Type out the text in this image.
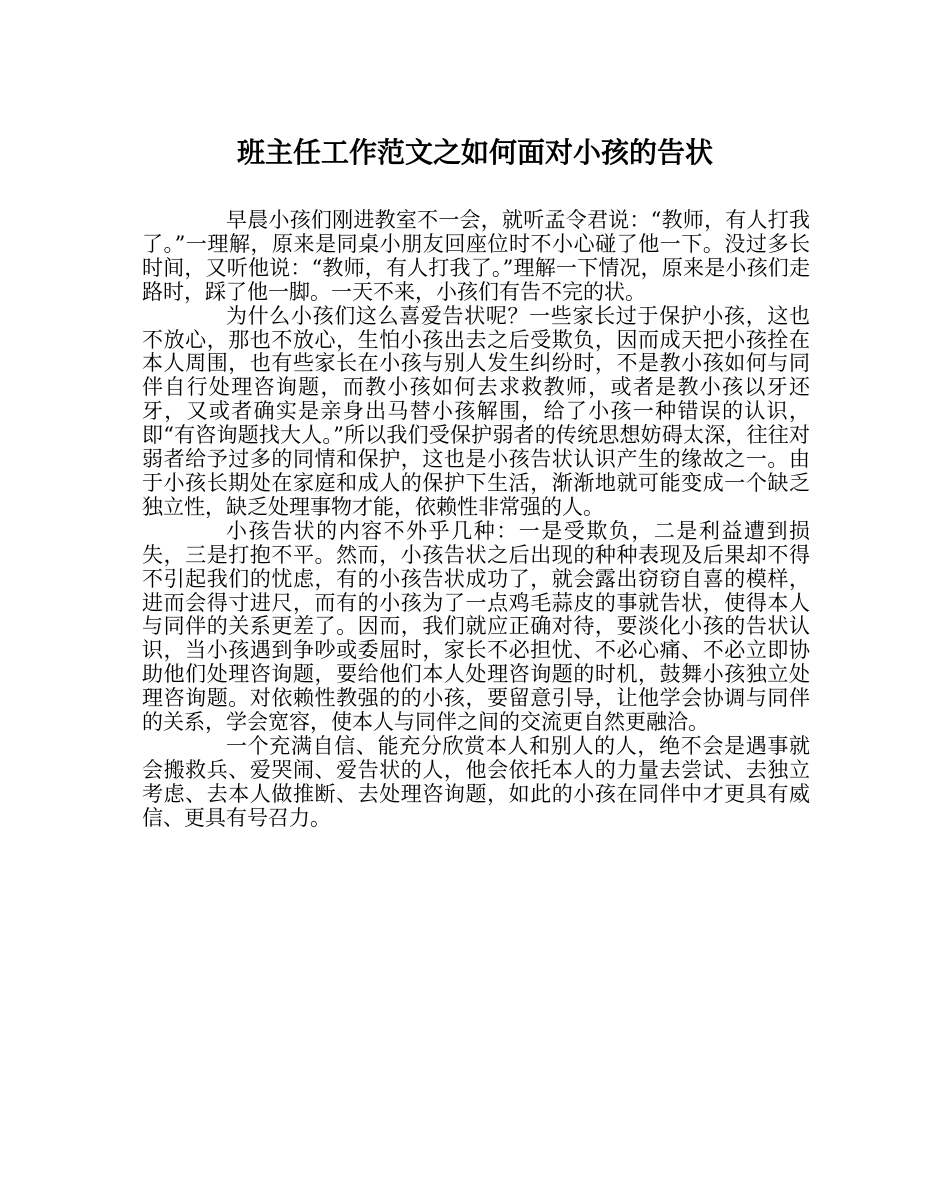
班主任工作范文之如何面对小孩的告状

早晨小孩们刚进教室不一会，就听孟令君说：“教师，有人打我了。”一理解，原来是同桌小朋友回座位时不小心碰了他一下。没过多长时间，又听他说：“教师，有人打我了。”理解一下情况，原来是小孩们走路时，踩了他一脚。一天不来，小孩们有告不完的状。

为什么小孩们这么喜爱告状呢？一些家长过于保护小孩，这也不放心，那也不放心，生怕小孩出去之后受欺负，因而成天把小孩拴在本人周围，也有些家长在小孩与别人发生纠纷时，不是教小孩如何与同伴自行处理咨询题，而教小孩如何去求救教师，或者是教小孩以牙还牙，又或者确实是亲身出马替小孩解围，给了小孩一种错误的认识，即“有咨询题找大人。”所以我们受保护弱者的传统思想妨碍太深，往往对弱者给予过多的同情和保护，这也是小孩告状认识产生的缘故之一。由于小孩长期处在家庭和成人的保护下生活，渐渐地就可能变成一个缺乏独立性，缺乏处理事物才能，依赖性非常强的人。

小孩告状的内容不外乎几种：一是受欺负，二是利益遭到损失，三是打抱不平。然而，小孩告状之后出现的种种表现及后果却不得不引起我们的忧虑，有的小孩告状成功了，就会露出窃窃自喜的模样，进而会得寸进尺，而有的小孩为了一点鸡毛蒜皮的事就告状，使得本人与同伴的关系更差了。因而，我们就应正确对待，要淡化小孩的告状认识，当小孩遇到争吵或委屈时，家长不必担忧、不必心痛、不必立即协助他们处理咨询题，要给他们本人处理咨询题的时机，鼓舞小孩独立处理咨询题。对依赖性教强的的小孩，要留意引导，让他学会协调与同伴的关系，学会宽容，使本人与同伴之间的交流更自然更融洽。

一个充满自信、能充分欣赏本人和别人的人，绝不会是遇事就会搬救兵、爱哭闹、爱告状的人，他会依托本人的力量去尝试、去独立考虑、去本人做推断、去处理咨询题，如此的小孩在同伴中才更具有威信、更具有号召力。
